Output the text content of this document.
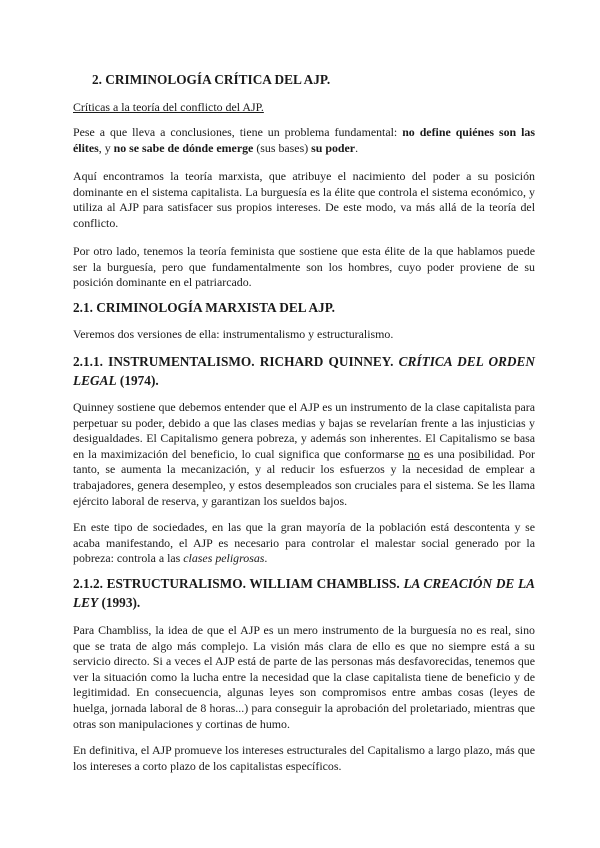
2. CRIMINOLOGÍA CRÍTICA DEL AJP.
Críticas a la teoría del conflicto del AJP.

Pese a que lleva a conclusiones, tiene un problema fundamental: no define quiénes son las élites, y no se sabe de dónde emerge (sus bases) su poder.

Aquí encontramos la teoría marxista, que atribuye el nacimiento del poder a su posición dominante en el sistema capitalista. La burguesía es la élite que controla el sistema económico, y utiliza al AJP para satisfacer sus propios intereses. De este modo, va más allá de la teoría del conflicto.

Por otro lado, tenemos la teoría feminista que sostiene que esta élite de la que hablamos puede ser la burguesía, pero que fundamentalmente son los hombres, cuyo poder proviene de su posición dominante en el patriarcado.

2.1. CRIMINOLOGÍA MARXISTA DEL AJP.

Veremos dos versiones de ella: instrumentalismo y estructuralismo.

2.1.1. INSTRUMENTALISMO. RICHARD QUINNEY. CRÍTICA DEL ORDEN LEGAL (1974).

Quinney sostiene que debemos entender que el AJP es un instrumento de la clase capitalista para perpetuar su poder, debido a que las clases medias y bajas se revelarían frente a las injusticias y desigualdades. El Capitalismo genera pobreza, y además son inherentes. El Capitalismo se basa en la maximización del beneficio, lo cual significa que conformarse no es una posibilidad. Por tanto, se aumenta la mecanización, y al reducir los esfuerzos y la necesidad de emplear a trabajadores, genera desempleo, y estos desempleados son cruciales para el sistema. Se les llama ejército laboral de reserva, y garantizan los sueldos bajos.

En este tipo de sociedades, en las que la gran mayoría de la población está descontenta y se acaba manifestando, el AJP es necesario para controlar el malestar social generado por la pobreza: controla a las clases peligrosas.

2.1.2. ESTRUCTURALISMO. WILLIAM CHAMBLISS. LA CREACIÓN DE LA LEY (1993).

Para Chambliss, la idea de que el AJP es un mero instrumento de la burguesía no es real, sino que se trata de algo más complejo. La visión más clara de ello es que no siempre está a su servicio directo. Si a veces el AJP está de parte de las personas más desfavorecidas, tenemos que ver la situación como la lucha entre la necesidad que la clase capitalista tiene de beneficio y de legitimidad. En consecuencia, algunas leyes son compromisos entre ambas cosas (leyes de huelga, jornada laboral de 8 horas...) para conseguir la aprobación del proletariado, mientras que otras son manipulaciones y cortinas de humo.

En definitiva, el AJP promueve los intereses estructurales del Capitalismo a largo plazo, más que los intereses a corto plazo de los capitalistas específicos.
